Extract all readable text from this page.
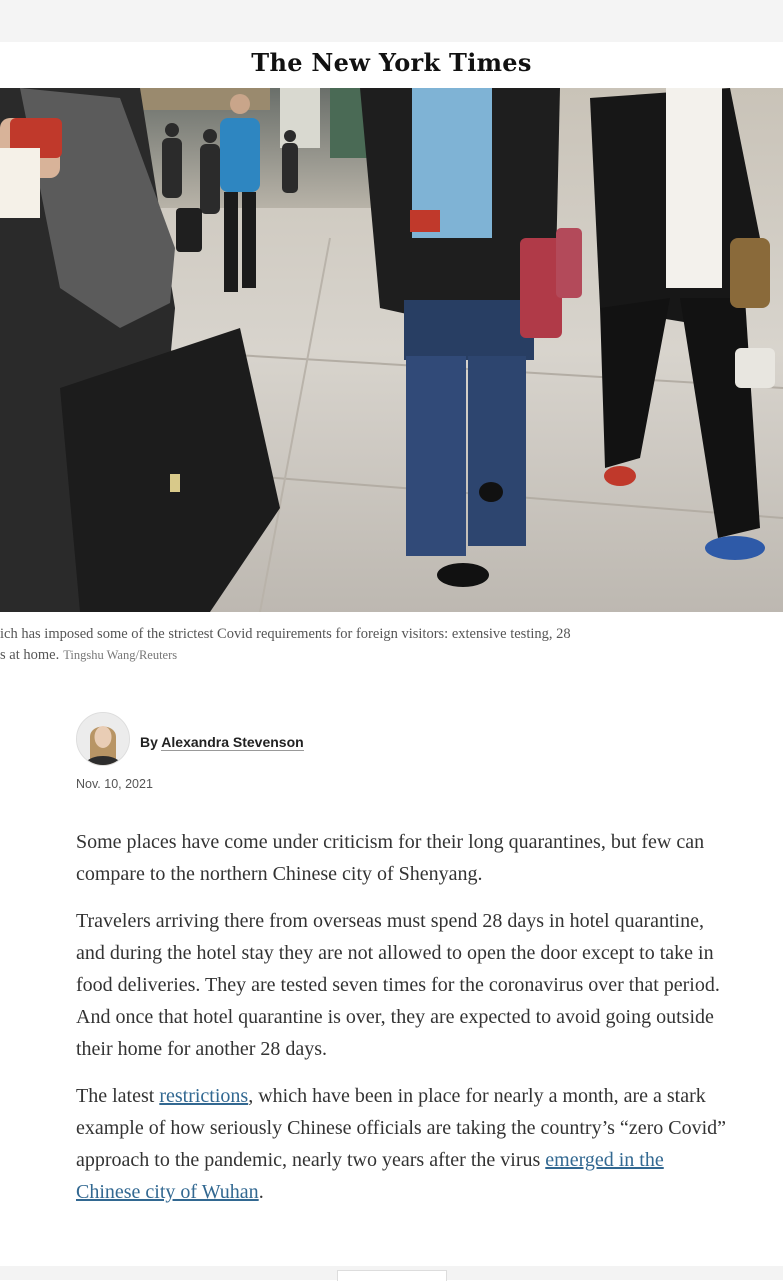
The New York Times
ich has imposed some of the strictest Covid requirements for foreign visitors: extensive testing, 28
s at home. Tingshu Wang/Reuters
By Alexandra Stevenson
Nov. 10, 2021

Some places have come under criticism for their long quarantines, but few can compare to the northern Chinese city of Shenyang.

Travelers arriving there from overseas must spend 28 days in hotel quarantine, and during the hotel stay they are not allowed to open the door except to take in food deliveries. They are tested seven times for the coronavirus over that period. And once that hotel quarantine is over, they are expected to avoid going outside their home for another 28 days.

The latest restrictions, which have been in place for nearly a month, are a stark example of how seriously Chinese officials are taking the country’s “zero Covid” approach to the pandemic, nearly two years after the virus emerged in the Chinese city of Wuhan.
